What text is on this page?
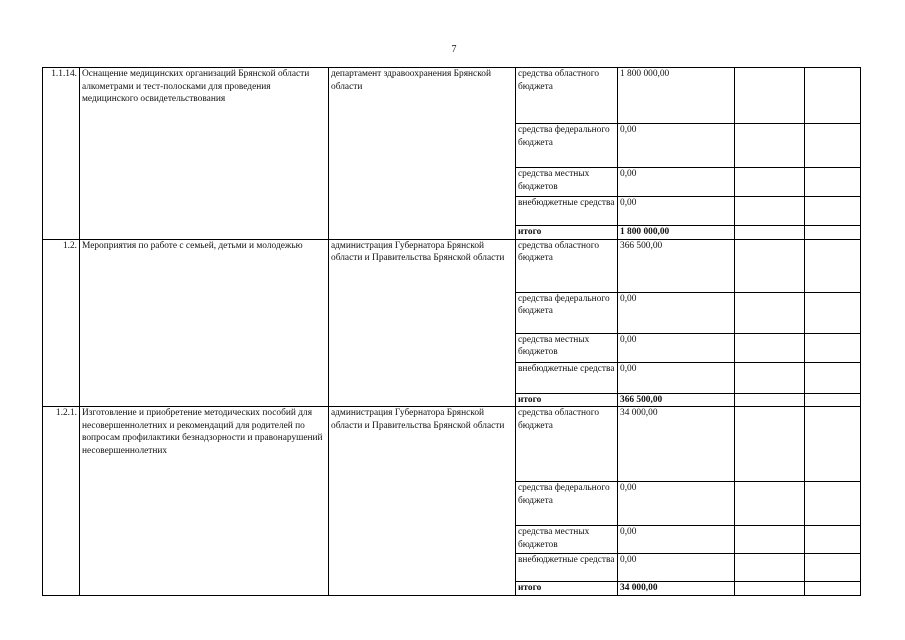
7
1.1.14.	Оснащение медицинских организаций Брянской области алкометрами и тест-полосками для проведения медицинского освидетельствования	департамент здравоохранения Брянской области	средства областного бюджета	1 800 000,00		
			средства федерального бюджета	0,00		
			средства местных бюджетов	0,00		
			внебюджетные средства	0,00		
			итого	1 800 000,00		
1.2.	Мероприятия по работе с семьей, детьми и молодежью	администрация Губернатора Брянской области и Правительства Брянской области	средства областного бюджета	366 500,00		
			средства федерального бюджета	0,00		
			средства местных бюджетов	0,00		
			внебюджетные средства	0,00		
			итого	366 500,00		
1.2.1.	Изготовление и приобретение методических пособий для несовершеннолетних и рекомендаций для родителей по вопросам профилактики безнадзорности и правонарушений несовершеннолетних	администрация Губернатора Брянской области и Правительства Брянской области	средства областного бюджета	34 000,00		
			средства федерального бюджета	0,00		
			средства местных бюджетов	0,00		
			внебюджетные средства	0,00		
			итого	34 000,00		
